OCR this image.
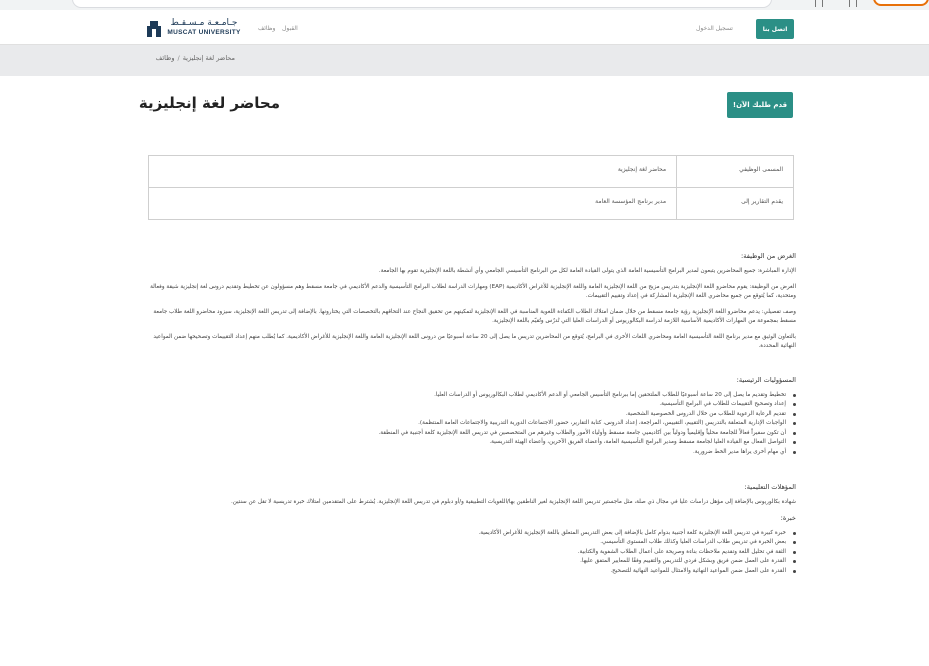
جـامـعـة مـسـقـط
MUSCAT UNIVERSITY
وظائف القبول	تسجيل الدخول	اتصل بنا
محاضر لغة إنجليزية/وظائف
محاضر لغة إنجليزية	قدم طلبك الآن!
محاضر لغة إنجليزية	المسمى الوظيفي
مدير برنامج المؤسسة العامة	يقدم التقارير إلى
الغرض من الوظيفة:

الإدارة المباشرة: جميع المحاضرين يتبعون لمدير البرامج التأسيسية العامة الذي يتولى القيادة العامة لكل من البرنامج التأسيسي الجامعي وأي أنشطة باللغة الإنجليزية تقوم بها الجامعة.

الغرض من الوظيفة: يقوم محاضرو اللغة الإنجليزية بتدريس مزيج من اللغة الإنجليزية العامة واللغة الإنجليزية للأغراض الأكاديمية (EAP) ومهارات الدراسة لطلاب البرامج التأسيسية والدعم الأكاديمي في جامعة مسقط وهم مسؤولون عن تخطيط وتقديم دروس لغة إنجليزية شيقة وفعالة ومتحدية، كما يُتوقع من جميع محاضري اللغة الإنجليزية المشاركة في إعداد وتقييم التقييمات.

وصف تفصيلي: يدعم محاضرو اللغة الإنجليزية رؤية جامعة مسقط من خلال ضمان امتلاك الطلاب الكفاءة اللغوية المناسبة في اللغة الإنجليزية لتمكينهم من تحقيق النجاح عند التحاقهم بالتخصصات التي يختارونها. بالإضافة إلى تدريس اللغة الإنجليزية، سيزود محاضرو اللغة طلاب جامعة مسقط بمجموعة من المهارات الأكاديمية الأساسية اللازمة لدراسة البكالوريوس أو الدراسات العليا التي تُدرّس وتُقيّم باللغة الإنجليزية.

بالتعاون الوثيق مع مدير برنامج اللغة التأسيسية العامة ومحاضري اللغات الأخرى في البرامج، يُتوقع من المحاضرين تدريس ما يصل إلى 20 ساعة أسبوعيًا من دروس اللغة الإنجليزية العامة واللغة الإنجليزية للأغراض الأكاديمية. كما يُطلب منهم إعداد التقييمات وتصحيحها ضمن المواعيد النهائية المحددة.

المسؤوليات الرئيسية:
تخطيط وتقديم ما يصل إلى 20 ساعة أسبوعيًا للطلاب الملتحقين إما ببرنامج التأسيس الجامعي أو الدعم الأكاديمي لطلاب البكالوريوس أو الدراسات العليا.
إعداد وتصحيح التقييمات للطلاب في البرامج التأسيسية.
تقديم الرعاية الرعوية للطلاب من خلال الدروس الخصوصية الشخصية.
الواجبات الإدارية المتعلقة بالتدريس (التقييم، التقييس، المراجعة، إعداد الدروس، كتابة التقارير، حضور الاجتماعات الدورية التدريبية والاجتماعات العامة المنتظمة).
أن تكون سفيراً فعالاً للجامعة محلياً وإقليمياً ودولياً بين أكاديميي جامعة مسقط وأولياء الأمور والطلاب وغيرهم من المتخصصين في تدريس اللغة الإنجليزية كلغة أجنبية في المنطقة.
التواصل الفعال مع القيادة العليا لجامعة مسقط ومدير البرامج التأسيسية العامة، وأعضاء الفريق الآخرين، وأعضاء الهيئة التدريسية.
أي مهام أخرى يراها مدير الخط ضرورية.
المؤهلات التعليمية:

شهادة بكالوريوس بالإضافة إلى مؤهل دراسات عليا في مجال ذي صلة، مثل ماجستير تدريس اللغة الإنجليزية لغير الناطقين بها/اللغويات التطبيقية و/أو دبلوم في تدريس اللغة الإنجليزية. يُشترط على المتقدمين امتلاك خبرة تدريسية لا تقل عن سنتين.

خبرة:
خبرة كبيرة في تدريس اللغة الإنجليزية كلغة أجنبية بدوام كامل بالإضافة إلى بعض التدريس المتعلق باللغة الإنجليزية للأغراض الأكاديمية.
بعض الخبرة في تدريس طلاب الدراسات العليا وكذلك طلاب المستوى التأسيسي.
الثقة في تحليل اللغة وتقديم ملاحظات بناءة وصريحة على أعمال الطلاب الشفوية والكتابية.
القدرة على العمل ضمن فريق وبشكل فردي للتدريس والتقييم وفقًا للمعايير المتفق عليها.
القدرة على العمل ضمن المواعيد النهائية والامتثال للمواعيد النهائية للتصحيح.
